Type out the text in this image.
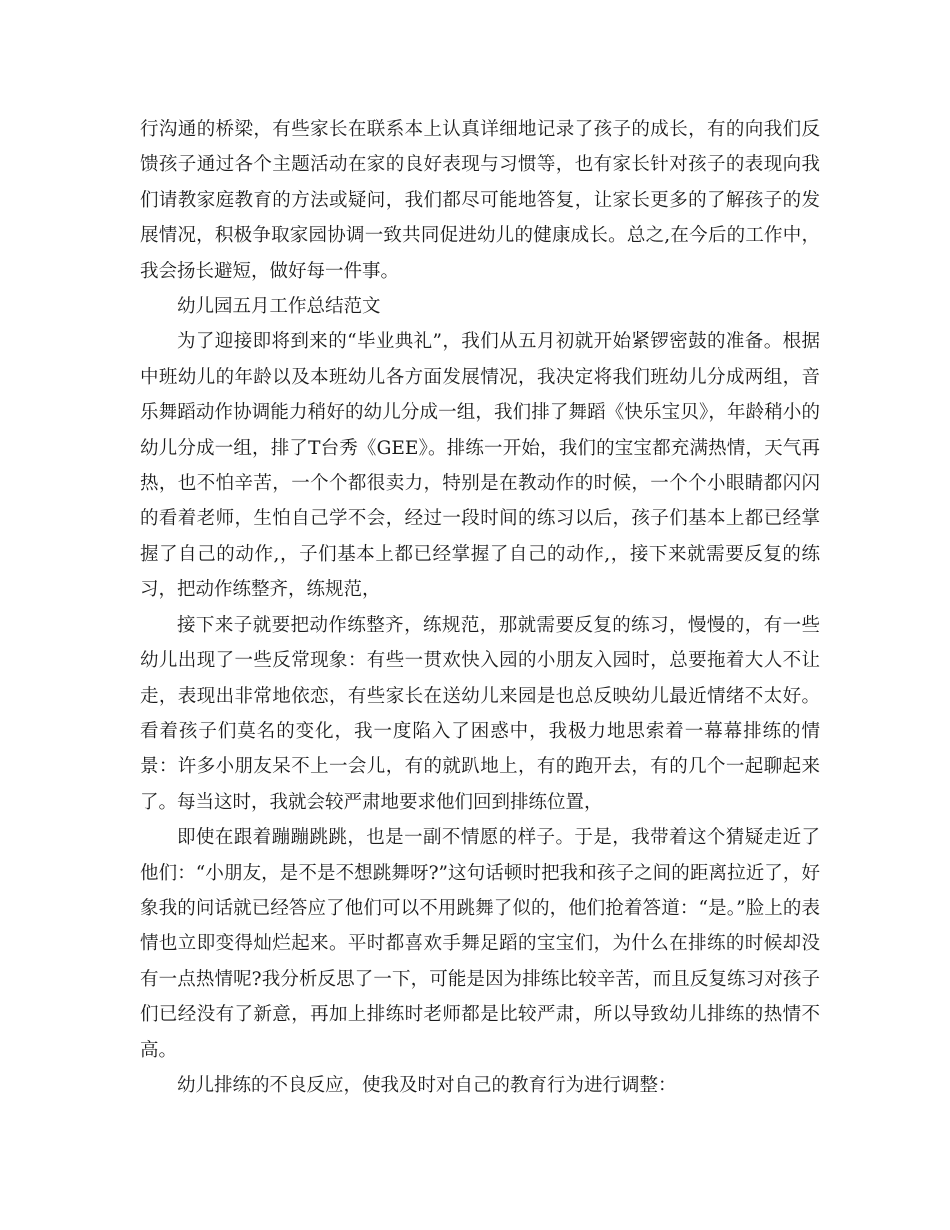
行沟通的桥梁，有些家长在联系本上认真详细地记录了孩子的成长，有的向我们反馈孩子通过各个主题活动在家的良好表现与习惯等，也有家长针对孩子的表现向我们请教家庭教育的方法或疑问，我们都尽可能地答复，让家长更多的了解孩子的发展情况，积极争取家园协调一致共同促进幼儿的健康成长。总之,在今后的工作中，我会扬长避短，做好每一件事。

幼儿园五月工作总结范文

为了迎接即将到来的“毕业典礼”，我们从五月初就开始紧锣密鼓的准备。根据中班幼儿的年龄以及本班幼儿各方面发展情况，我决定将我们班幼儿分成两组，音乐舞蹈动作协调能力稍好的幼儿分成一组，我们排了舞蹈《快乐宝贝》，年龄稍小的幼儿分成一组，排了T台秀《GEE》。排练一开始，我们的宝宝都充满热情，天气再热，也不怕辛苦，一个个都很卖力，特别是在教动作的时候，一个个小眼睛都闪闪的看着老师，生怕自己学不会，经过一段时间的练习以后，孩子们基本上都已经掌握了自己的动作,，子们基本上都已经掌握了自己的动作,，接下来就需要反复的练习，把动作练整齐，练规范，

接下来子就要把动作练整齐，练规范，那就需要反复的练习，慢慢的，有一些幼儿出现了一些反常现象：有些一贯欢快入园的小朋友入园时，总要拖着大人不让走，表现出非常地依恋，有些家长在送幼儿来园是也总反映幼儿最近情绪不太好。看着孩子们莫名的变化，我一度陷入了困惑中，我极力地思索着一幕幕排练的情景：许多小朋友呆不上一会儿，有的就趴地上，有的跑开去，有的几个一起聊起来了。每当这时，我就会较严肃地要求他们回到排练位置，

即使在跟着蹦蹦跳跳，也是一副不情愿的样子。于是，我带着这个猜疑走近了他们：“小朋友，是不是不想跳舞呀?”这句话顿时把我和孩子之间的距离拉近了，好象我的问话就已经答应了他们可以不用跳舞了似的，他们抢着答道：“是。”脸上的表情也立即变得灿烂起来。平时都喜欢手舞足蹈的宝宝们，为什么在排练的时候却没有一点热情呢?我分析反思了一下，可能是因为排练比较辛苦，而且反复练习对孩子们已经没有了新意，再加上排练时老师都是比较严肃，所以导致幼儿排练的热情不高。

幼儿排练的不良反应，使我及时对自己的教育行为进行调整：
